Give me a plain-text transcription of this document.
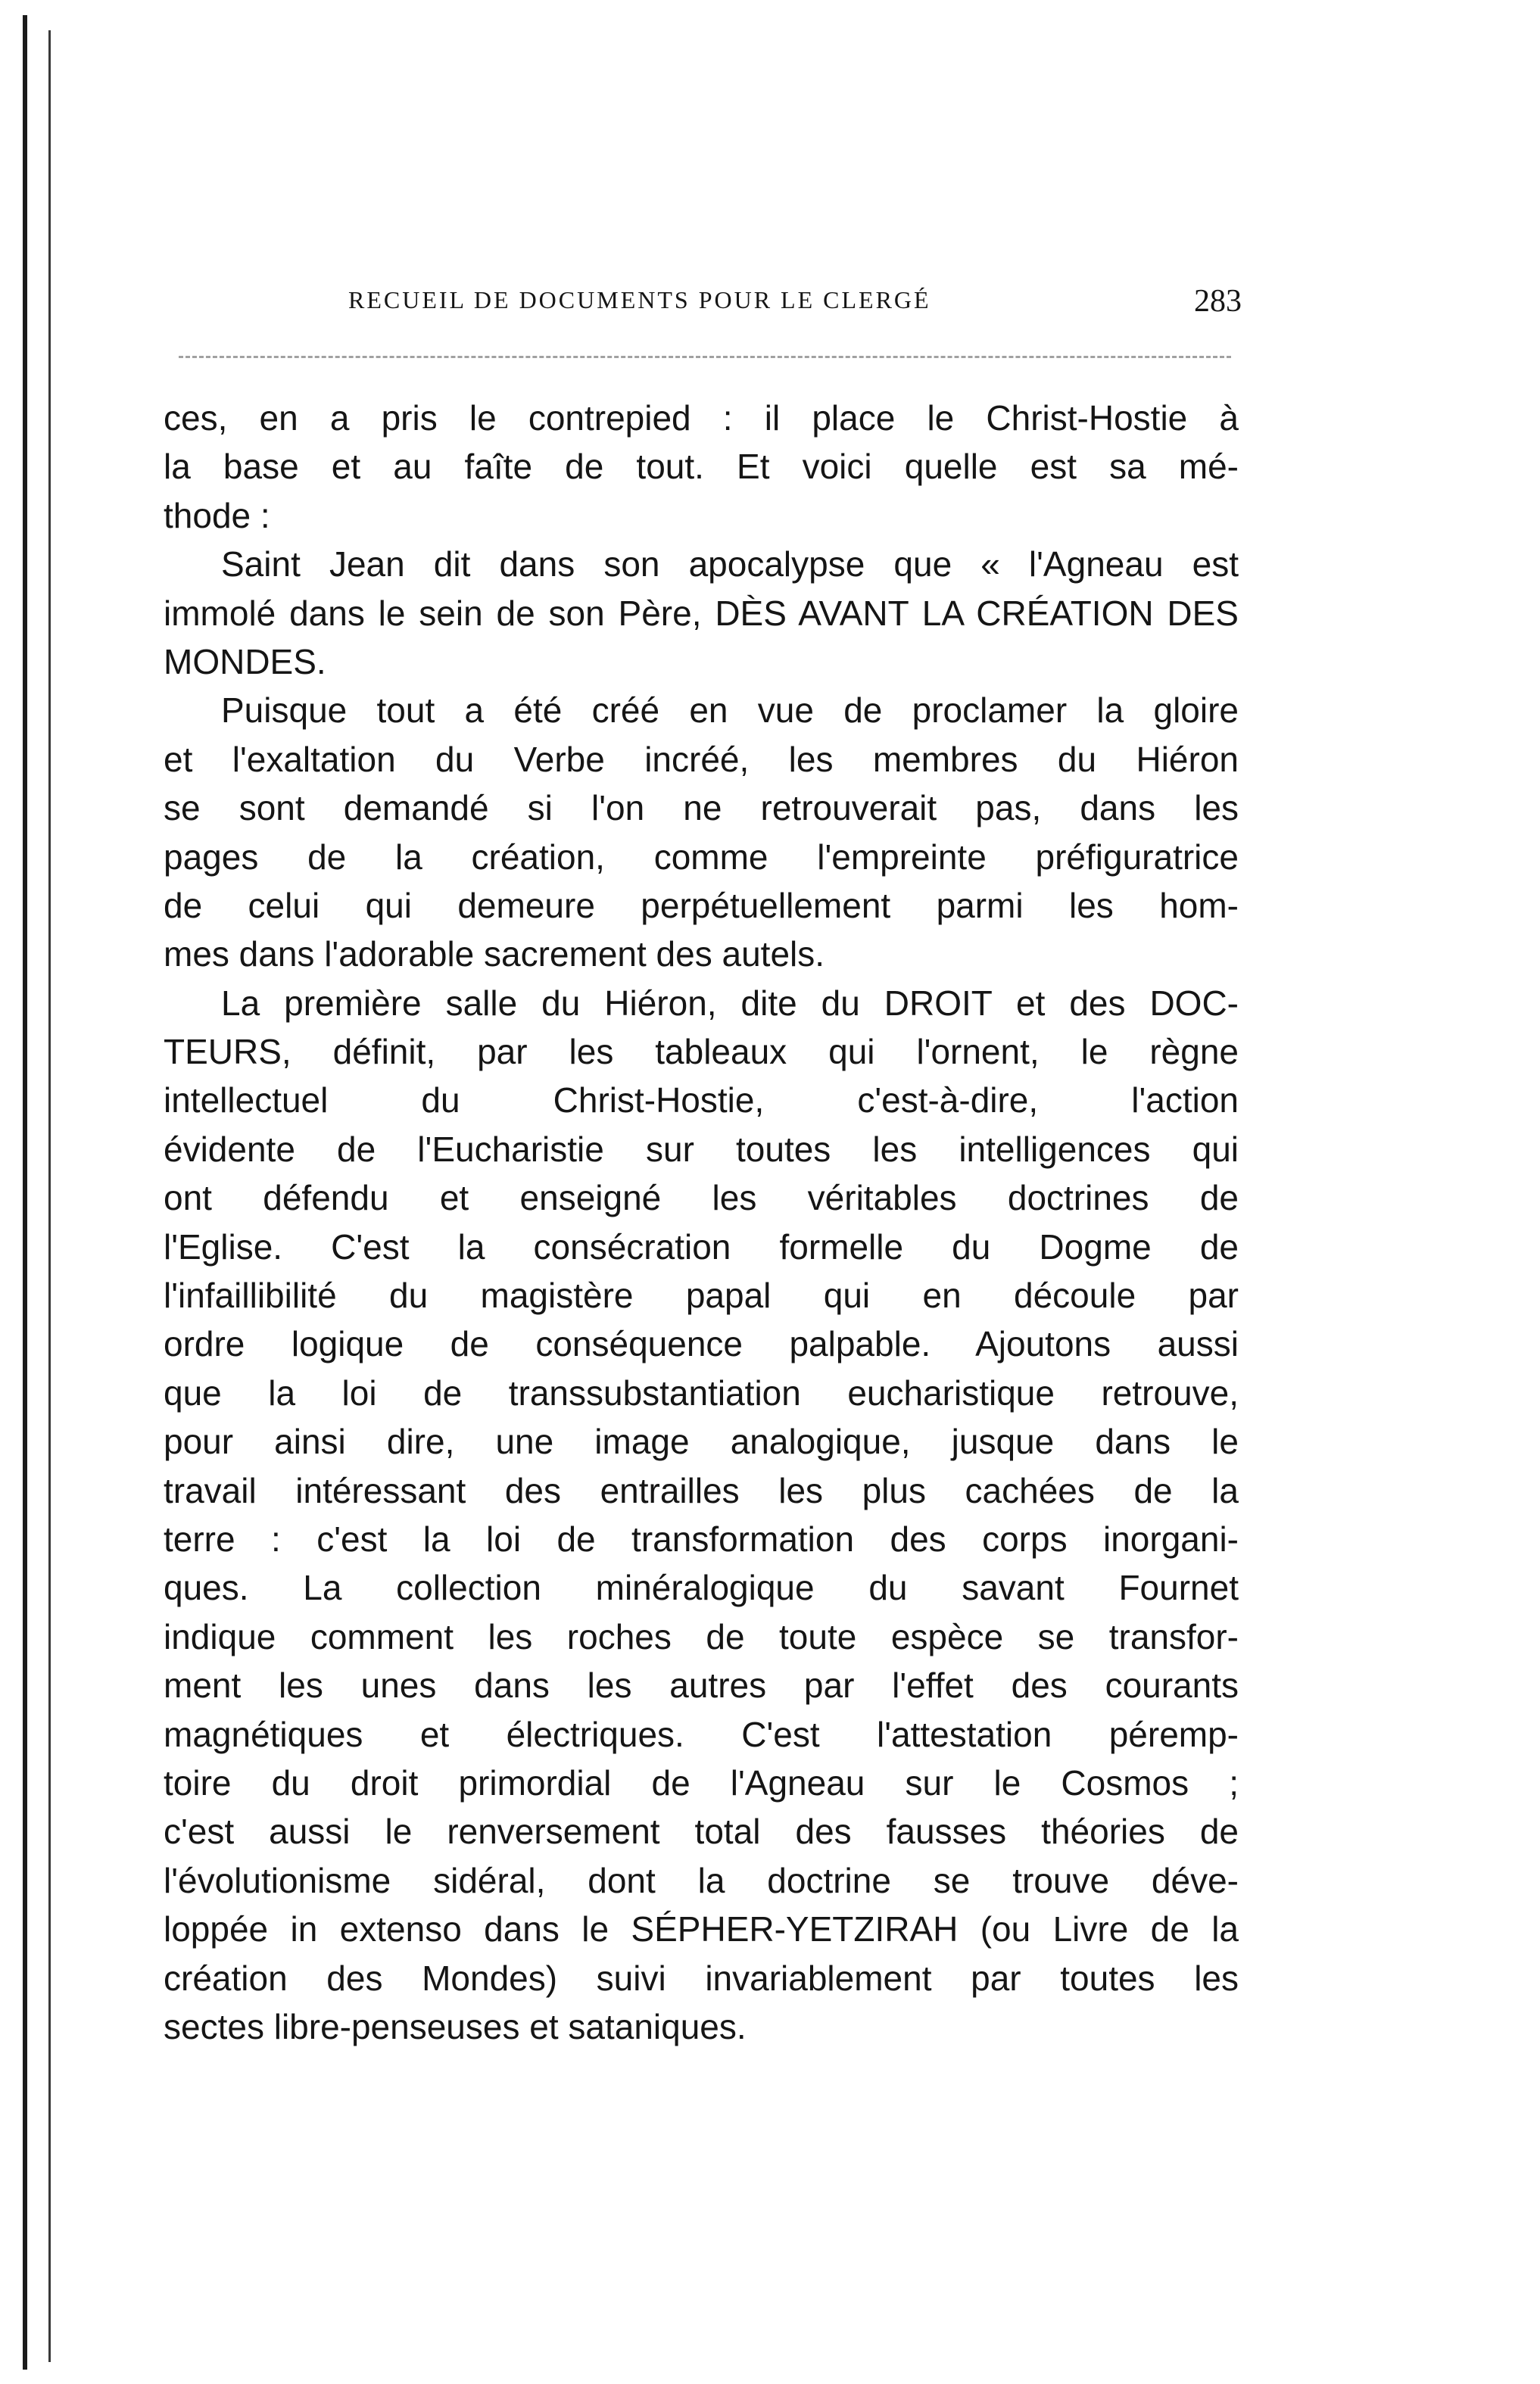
RECUEIL DE DOCUMENTS POUR LE CLERGÉ	283
ces, en a pris le contrepied : il place le Christ-Hostie à
la base et au faîte de tout. Et voici quelle est sa mé-
thode :
Saint Jean dit dans son apocalypse que « l'Agneau est
immolé dans le sein de son Père, DÈS AVANT LA CRÉATION DES
MONDES.
Puisque tout a été créé en vue de proclamer la gloire
et l'exaltation du Verbe incréé, les membres du Hiéron
se sont demandé si l'on ne retrouverait pas, dans les
pages de la création, comme l'empreinte préfiguratrice
de celui qui demeure perpétuellement parmi les hom-
mes dans l'adorable sacrement des autels.
La première salle du Hiéron, dite du DROIT et des DOC-
TEURS, définit, par les tableaux qui l'ornent, le règne
intellectuel du Christ-Hostie, c'est-à-dire, l'action
évidente de l'Eucharistie sur toutes les intelligences qui
ont défendu et enseigné les véritables doctrines de
l'Eglise. C'est la consécration formelle du Dogme de
l'infaillibilité du magistère papal qui en découle par
ordre logique de conséquence palpable. Ajoutons aussi
que la loi de transsubstantiation eucharistique retrouve,
pour ainsi dire, une image analogique, jusque dans le
travail intéressant des entrailles les plus cachées de la
terre : c'est la loi de transformation des corps inorgani-
ques. La collection minéralogique du savant Fournet
indique comment les roches de toute espèce se transfor-
ment les unes dans les autres par l'effet des courants
magnétiques et électriques. C'est l'attestation péremp-
toire du droit primordial de l'Agneau sur le Cosmos ;
c'est aussi le renversement total des fausses théories de
l'évolutionisme sidéral, dont la doctrine se trouve déve-
loppée in extenso dans le SÉPHER-YETZIRAH (ou Livre de la
création des Mondes) suivi invariablement par toutes les
sectes libre-penseuses et sataniques.
